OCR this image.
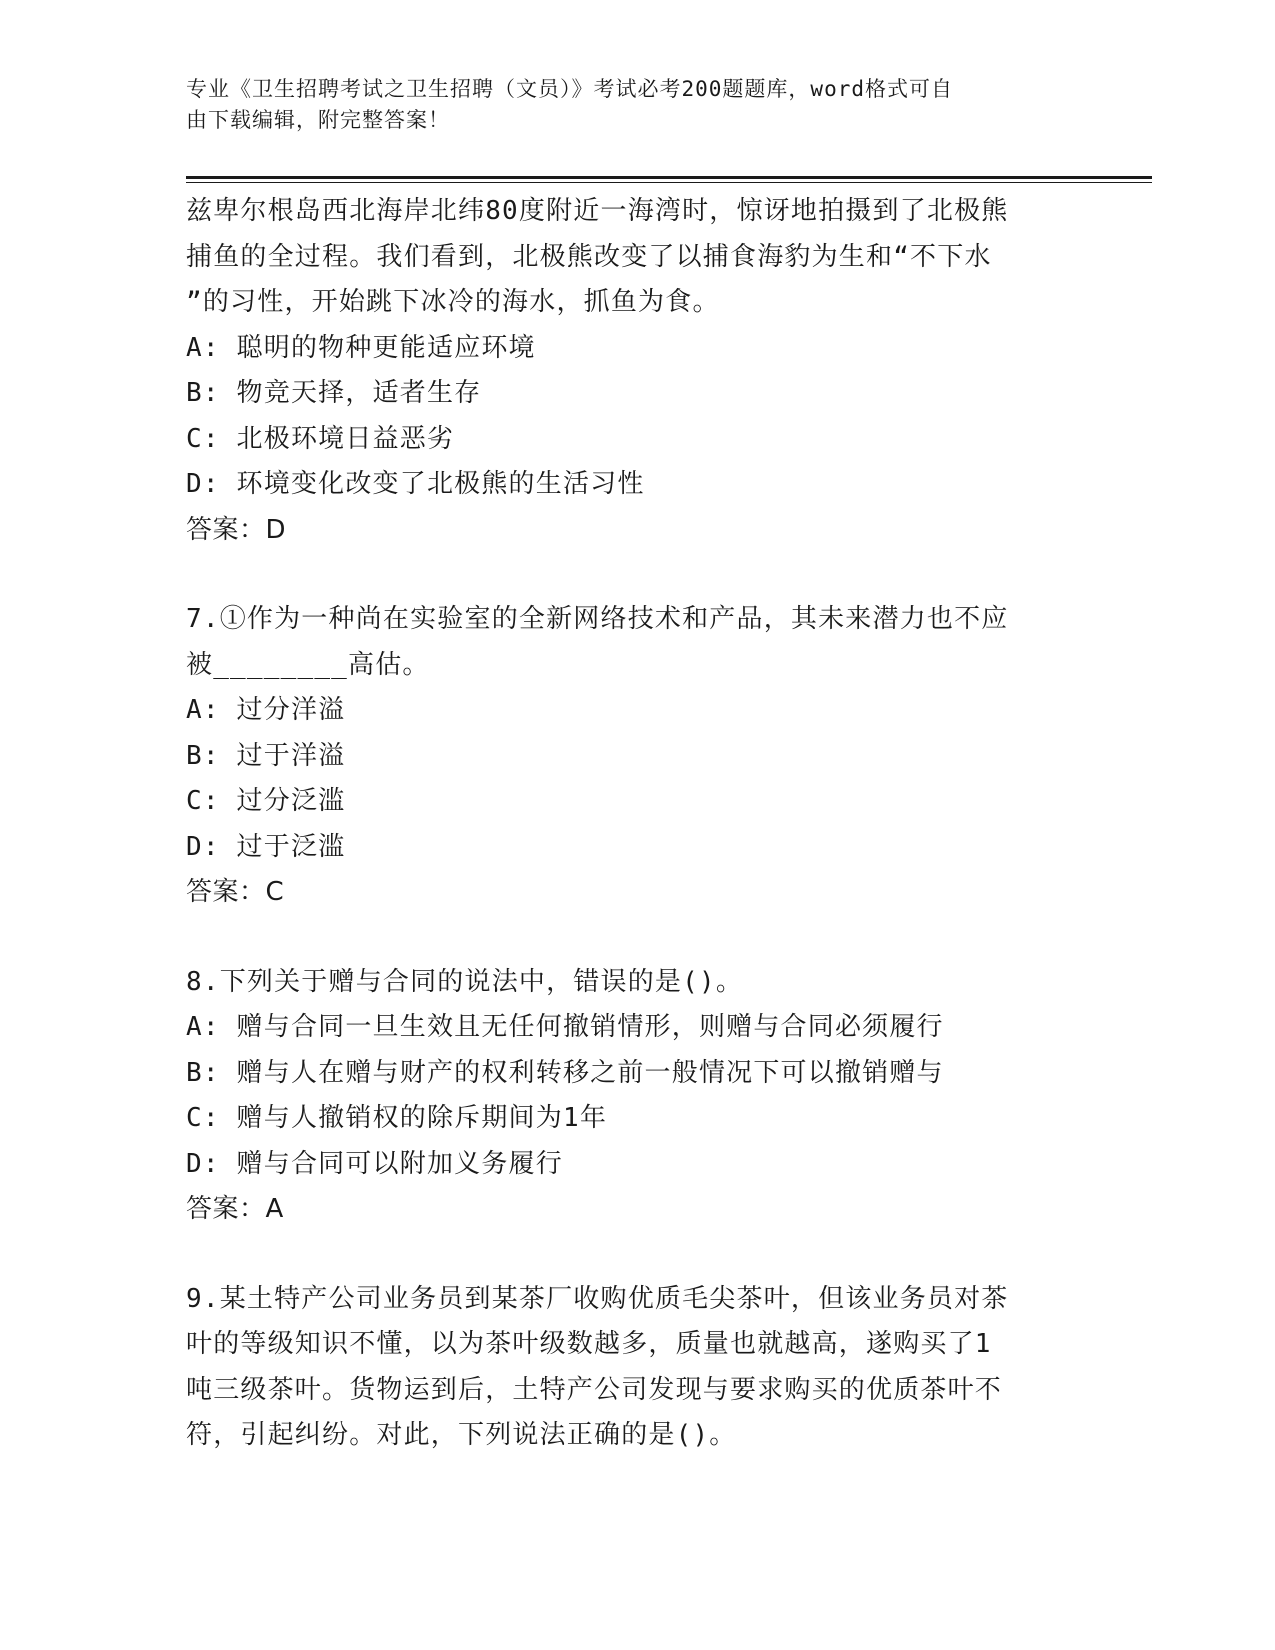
专业《卫生招聘考试之卫生招聘（文员）》考试必考200题题库，word格式可自
由下载编辑，附完整答案！
兹卑尔根岛西北海岸北纬80度附近一海湾时，惊讶地拍摄到了北极熊
捕鱼的全过程。我们看到，北极熊改变了以捕食海豹为生和“不下水
”的习性，开始跳下冰冷的海水，抓鱼为食。
A: 聪明的物种更能适应环境
B: 物竞天择，适者生存
C: 北极环境日益恶劣
D: 环境变化改变了北极熊的生活习性
答案：D
7.①作为一种尚在实验室的全新网络技术和产品，其未来潜力也不应
被________高估。
A: 过分洋溢
B: 过于洋溢
C: 过分泛滥
D: 过于泛滥
答案：C
8.下列关于赠与合同的说法中，错误的是()。
A: 赠与合同一旦生效且无任何撤销情形，则赠与合同必须履行
B: 赠与人在赠与财产的权利转移之前一般情况下可以撤销赠与
C: 赠与人撤销权的除斥期间为1年
D: 赠与合同可以附加义务履行
答案：A
9.某土特产公司业务员到某茶厂收购优质毛尖茶叶，但该业务员对茶
叶的等级知识不懂，以为茶叶级数越多，质量也就越高，遂购买了1
吨三级茶叶。货物运到后，土特产公司发现与要求购买的优质茶叶不
符，引起纠纷。对此，下列说法正确的是()。
